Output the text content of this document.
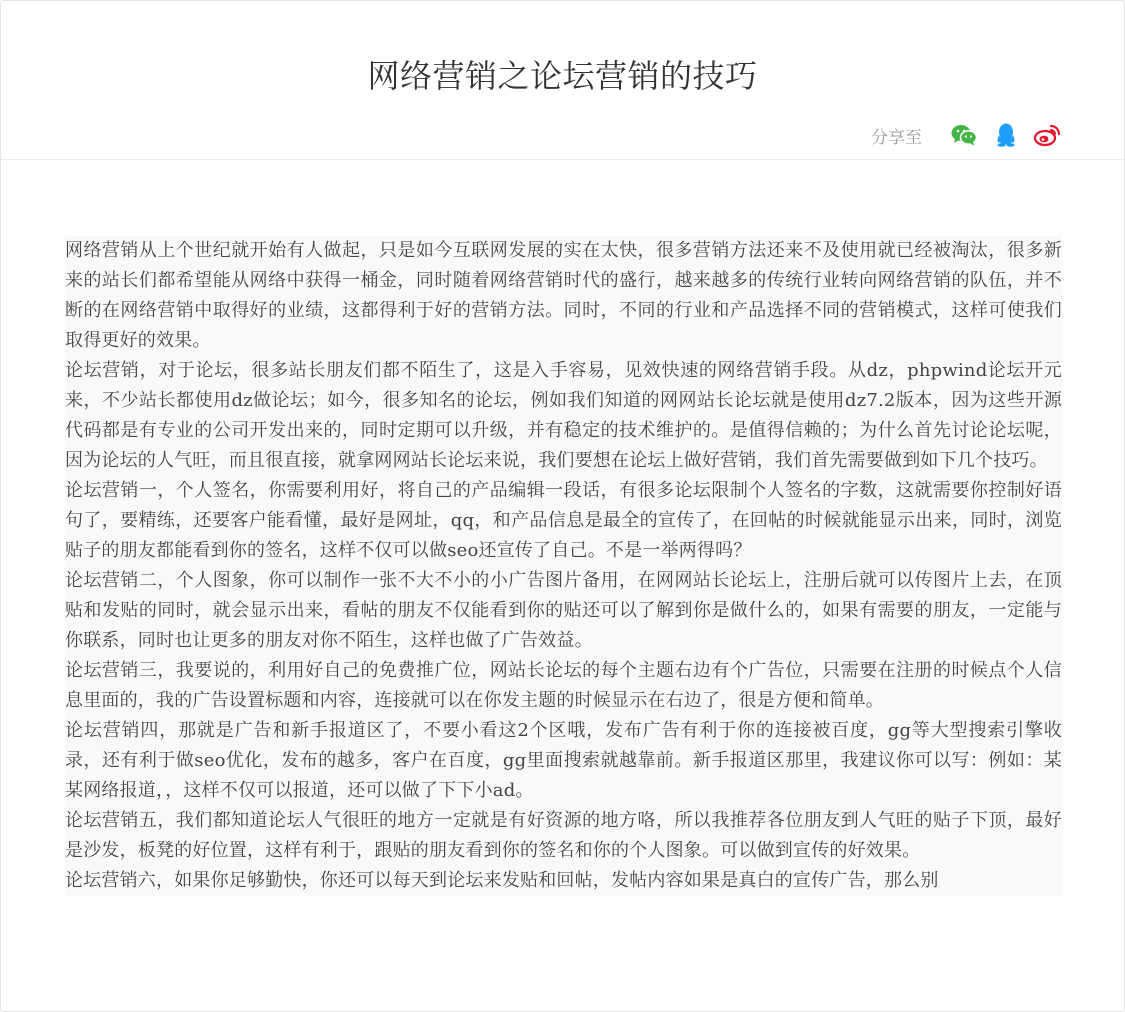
网络营销之论坛营销的技巧
分享至

网络营销从上个世纪就开始有人做起，只是如今互联网发展的实在太快，很多营销方法还来不及使用就已经被淘汰，很多新来的站长们都希望能从网络中获得一桶金，同时随着网络营销时代的盛行，越来越多的传统行业转向网络营销的队伍，并不断的在网络营销中取得好的业绩，这都得利于好的营销方法。同时，不同的行业和产品选择不同的营销模式，这样可使我们取得更好的效果。

论坛营销，对于论坛，很多站长朋友们都不陌生了，这是入手容易，见效快速的网络营销手段。从dz，phpwind论坛开元来，不少站长都使用dz做论坛；如今，很多知名的论坛，例如我们知道的网网站长论坛就是使用dz7.2版本，因为这些开源代码都是有专业的公司开发出来的，同时定期可以升级，并有稳定的技术维护的。是值得信赖的；为什么首先讨论论坛呢，因为论坛的人气旺，而且很直接，就拿网网站长论坛来说，我们要想在论坛上做好营销，我们首先需要做到如下几个技巧。

论坛营销一，个人签名，你需要利用好，将自己的产品编辑一段话，有很多论坛限制个人签名的字数，这就需要你控制好语句了，要精练，还要客户能看懂，最好是网址，qq，和产品信息是最全的宣传了，在回帖的时候就能显示出来，同时，浏览贴子的朋友都能看到你的签名，这样不仅可以做seo还宣传了自己。不是一举两得吗？

论坛营销二，个人图象，你可以制作一张不大不小的小广告图片备用，在网网站长论坛上，注册后就可以传图片上去，在顶贴和发贴的同时，就会显示出来，看帖的朋友不仅能看到你的贴还可以了解到你是做什么的，如果有需要的朋友，一定能与你联系，同时也让更多的朋友对你不陌生，这样也做了广告效益。

论坛营销三，我要说的，利用好自己的免费推广位，网站长论坛的每个主题右边有个广告位，只需要在注册的时候点个人信息里面的，我的广告设置标题和内容，连接就可以在你发主题的时候显示在右边了，很是方便和简单。

论坛营销四，那就是广告和新手报道区了，不要小看这2个区哦，发布广告有利于你的连接被百度，gg等大型搜索引擎收录，还有利于做seo优化，发布的越多，客户在百度，gg里面搜索就越靠前。新手报道区那里，我建议你可以写：例如：某某网络报道，，这样不仅可以报道，还可以做了下下小ad。

论坛营销五，我们都知道论坛人气很旺的地方一定就是有好资源的地方咯，所以我推荐各位朋友到人气旺的贴子下顶，最好是沙发，板凳的好位置，这样有利于，跟贴的朋友看到你的签名和你的个人图象。可以做到宣传的好效果。

论坛营销六，如果你足够勤快，你还可以每天到论坛来发贴和回帖，发帖内容如果是真白的宣传广告，那么别
